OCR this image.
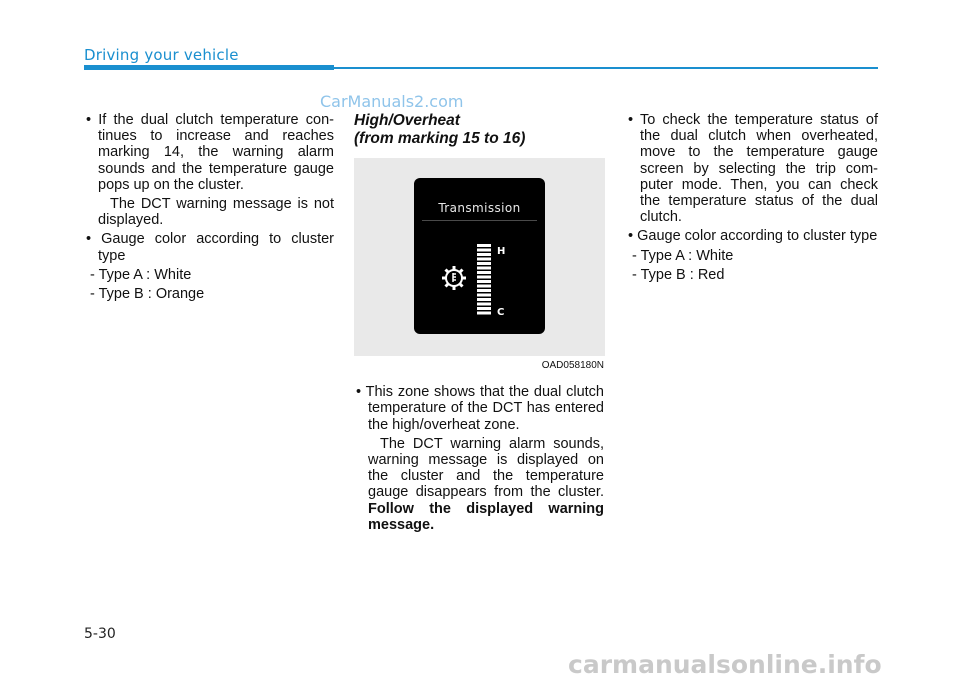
Driving your vehicle
CarManuals2.com

• If the dual clutch temperature con-tinues to increase and reaches marking 14, the warning alarm sounds and the temperature gauge pops up on the cluster.

The DCT warning message is not displayed.

• Gauge color according to cluster type

- Type A : White

- Type B : Orange

High/Overheat
(from marking 15 to 16)
Transmission
H
C
OAD058180N

• This zone shows that the dual clutch temperature of the DCT has entered the high/overheat zone.

The DCT warning alarm sounds, warning message is displayed on the cluster and the temperature gauge disappears from the cluster. Follow the displayed warning message.

• To check the temperature status of the dual clutch when overheated, move to the temperature gauge screen by selecting the trip com-puter mode. Then, you can check the temperature status of the dual clutch.

• Gauge color according to cluster type

- Type A : White

- Type B : Red

5-30
carmanualsonline.info
